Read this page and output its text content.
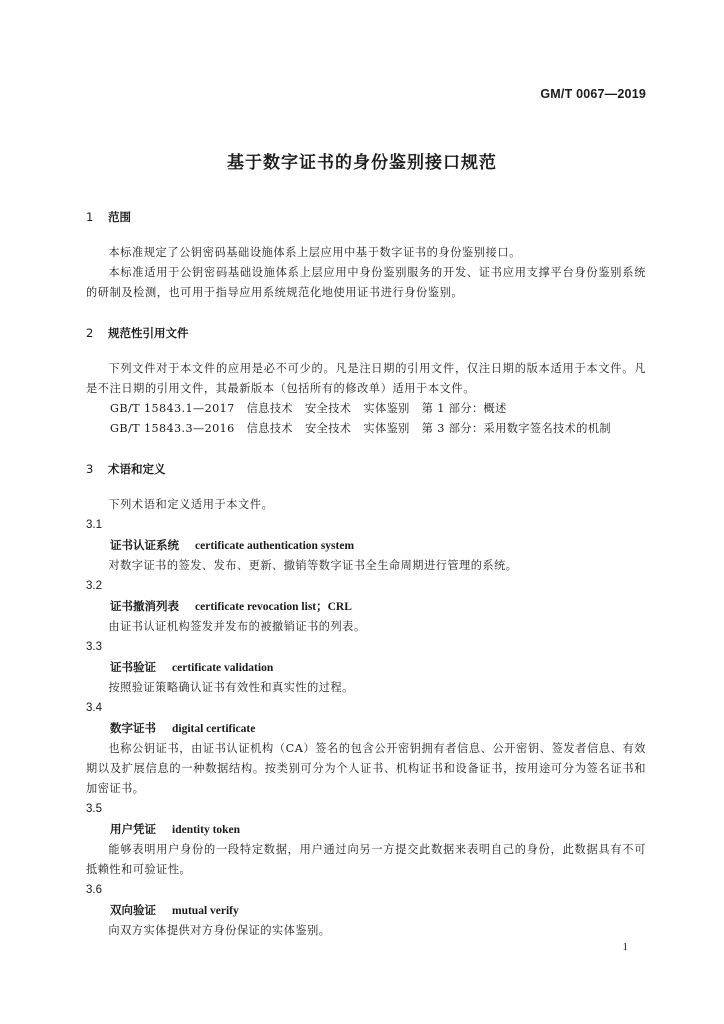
GM/T 0067—2019
基于数字证书的身份鉴别接口规范
1 范围
本标准规定了公钥密码基础设施体系上层应用中基于数字证书的身份鉴别接口。
本标准适用于公钥密码基础设施体系上层应用中身份鉴别服务的开发、证书应用支撑平台身份鉴别系统的研制及检测，也可用于指导应用系统规范化地使用证书进行身份鉴别。
2 规范性引用文件
下列文件对于本文件的应用是必不可少的。凡是注日期的引用文件，仅注日期的版本适用于本文件。凡是不注日期的引用文件，其最新版本（包括所有的修改单）适用于本文件。
GB/T 15843.1—2017 信息技术 安全技术 实体鉴别 第 1 部分：概述
GB/T 15843.3—2016 信息技术 安全技术 实体鉴别 第 3 部分：采用数字签名技术的机制
3 术语和定义
下列术语和定义适用于本文件。
3.1
证书认证系统 certificate authentication system
对数字证书的签发、发布、更新、撤销等数字证书全生命周期进行管理的系统。
3.2
证书撤消列表 certificate revocation list；CRL
由证书认证机构签发并发布的被撤销证书的列表。
3.3
证书验证 certificate validation
按照验证策略确认证书有效性和真实性的过程。
3.4
数字证书 digital certificate
也称公钥证书，由证书认证机构（CA）签名的包含公开密钥拥有者信息、公开密钥、签发者信息、有效期以及扩展信息的一种数据结构。按类别可分为个人证书、机构证书和设备证书，按用途可分为签名证书和加密证书。
3.5
用户凭证 identity token
能够表明用户身份的一段特定数据，用户通过向另一方提交此数据来表明自己的身份，此数据具有不可抵赖性和可验证性。
3.6
双向验证 mutual verify
向双方实体提供对方身份保证的实体鉴别。
1
